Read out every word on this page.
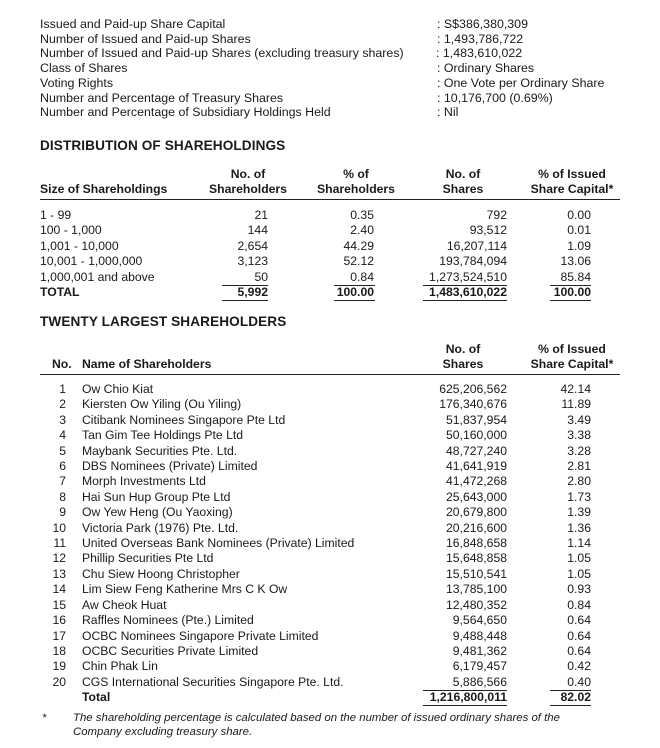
Issued and Paid-up Share Capital
Number of Issued and Paid-up Shares
Number of Issued and Paid-up Shares (excluding treasury shares)
Class of Shares
Voting Rights
Number and Percentage of Treasury Shares
Number and Percentage of Subsidiary Holdings Held
: S$386,380,309
: 1,493,786,722
: Ordinary Shares
: One Vote per Ordinary Share
: 10,176,700 (0.69%)
: Nil
: 1,483,610,022
DISTRIBUTION OF SHAREHOLDINGS
Size of Shareholdings
No. of
Shareholders
% of
Shareholders
No. of
Shares
% of Issued
Share Capital*
1 - 99
100 - 1,000
1,001 - 10,000
10,001 - 1,000,000
1,000,001 and above
TOTAL
21
144
2,654
3,123
50
5,992
0.35
2.40
44.29
52.12
0.84
100.00
792
93,512
16,207,114
193,784,094
1,273,524,510
1,483,610,022
0.00
0.01
1.09
13.06
85.84
100.00
TWENTY LARGEST SHAREHOLDERS
No. Name of Shareholders
No. of
Shares
% of Issued
Share Capital*
1
2
3
4
5
6
7
8
9
10
11
12
13
14
15
16
17
18
19
20
Ow Chio Kiat
Kiersten Ow Yiling (Ou Yiling)
Citibank Nominees Singapore Pte Ltd
Tan Gim Tee Holdings Pte Ltd
Maybank Securities Pte. Ltd.
DBS Nominees (Private) Limited
Morph Investments Ltd
Hai Sun Hup Group Pte Ltd
Ow Yew Heng (Ou Yaoxing)
Victoria Park (1976) Pte. Ltd.
United Overseas Bank Nominees (Private) Limited
Phillip Securities Pte Ltd
Chu Siew Hoong Christopher
Lim Siew Feng Katherine Mrs C K Ow
Aw Cheok Huat
Raffles Nominees (Pte.) Limited
OCBC Nominees Singapore Private Limited
OCBC Securities Private Limited
Chin Phak Lin
CGS International Securities Singapore Pte. Ltd.
Total
625,206,562
176,340,676
51,837,954
50,160,000
48,727,240
41,641,919
41,472,268
25,643,000
20,679,800
20,216,600
16,848,658
15,648,858
15,510,541
13,785,100
12,480,352
9,564,650
9,488,448
9,481,362
6,179,457
5,886,566
1,216,800,011
42.14
11.89
3.49
3.38
3.28
2.81
2.80
1.73
1.39
1.36
1.14
1.05
1.05
0.93
0.84
0.64
0.64
0.64
0.42
0.40
82.02
* The shareholding percentage is calculated based on the number of issued ordinary shares of the
Company excluding treasury share.
